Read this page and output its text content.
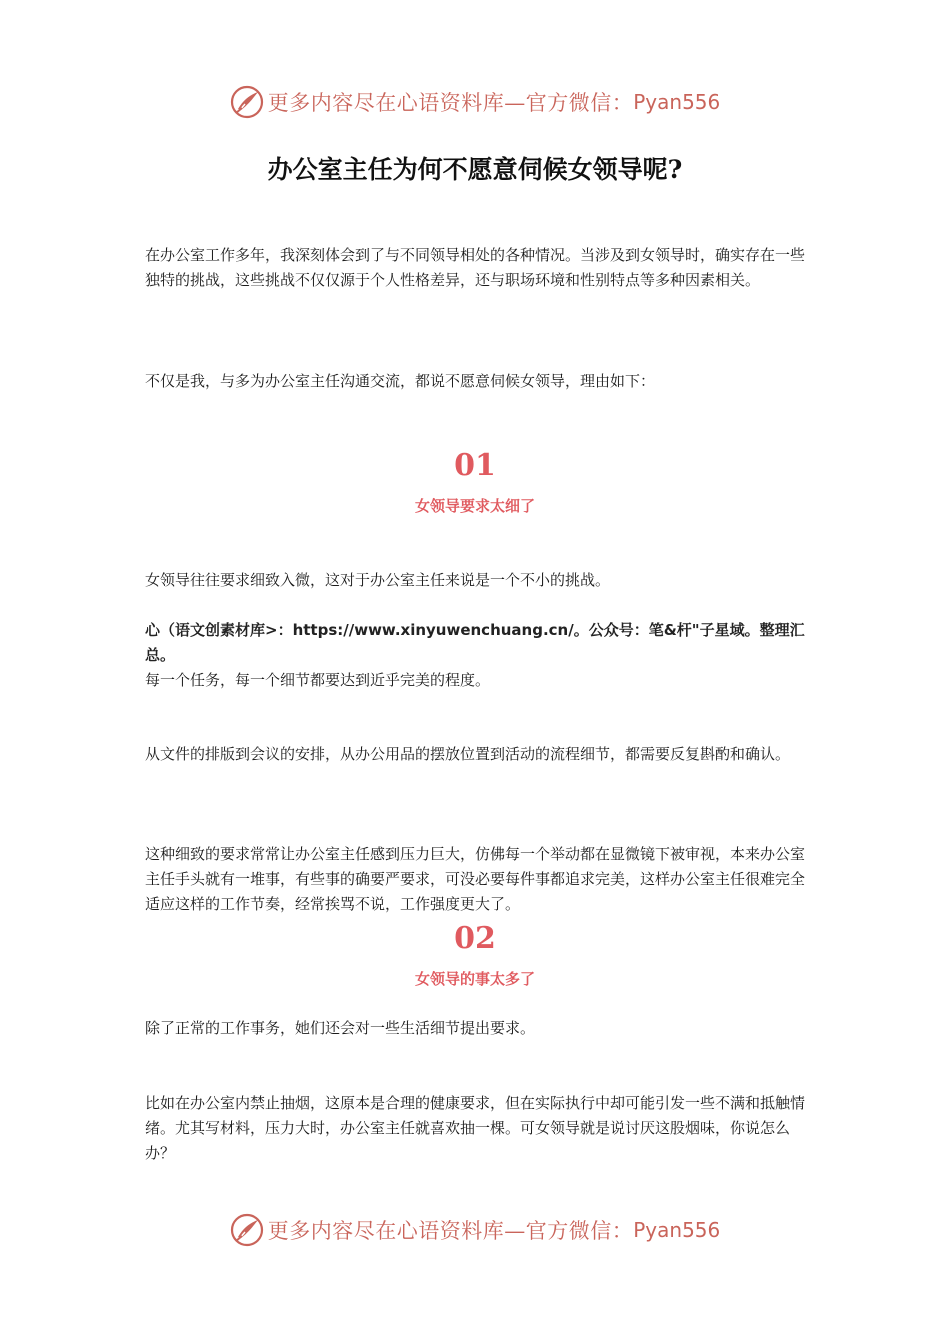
更多内容尽在心语资料库—官方微信： Pyan556
办公室主任为何不愿意伺候女领导呢?

在办公室工作多年，我深刻体会到了与不同领导相处的各种情况。当涉及到女领导时，确实存在一些独特的挑战，这些挑战不仅仅源于个人性格差异，还与职场环境和性别特点等多种因素相关。

不仅是我，与多为办公室主任沟通交流，都说不愿意伺候女领导，理由如下：

01
女领导要求太细了

女领导往往要求细致入微，这对于办公室主任来说是一个不小的挑战。

心（语文创素材库>：https://www.xinyuwenchuang.cn/。公众号：笔&杆"子星域。整理汇总。

每一个任务，每一个细节都要达到近乎完美的程度。

从文件的排版到会议的安排，从办公用品的摆放位置到活动的流程细节，都需要反复斟酌和确认。

这种细致的要求常常让办公室主任感到压力巨大，仿佛每一个举动都在显微镜下被审视，本来办公室主任手头就有一堆事，有些事的确要严要求，可没必要每件事都追求完美，这样办公室主任很难完全适应这样的工作节奏，经常挨骂不说，工作强度更大了。

02
女领导的事太多了

除了正常的工作事务，她们还会对一些生活细节提出要求。

比如在办公室内禁止抽烟，这原本是合理的健康要求，但在实际执行中却可能引发一些不满和抵触情绪。尤其写材料，压力大时，办公室主任就喜欢抽一棵。可女领导就是说讨厌这股烟味，你说怎么办？

更多内容尽在心语资料库—官方微信： Pyan556
